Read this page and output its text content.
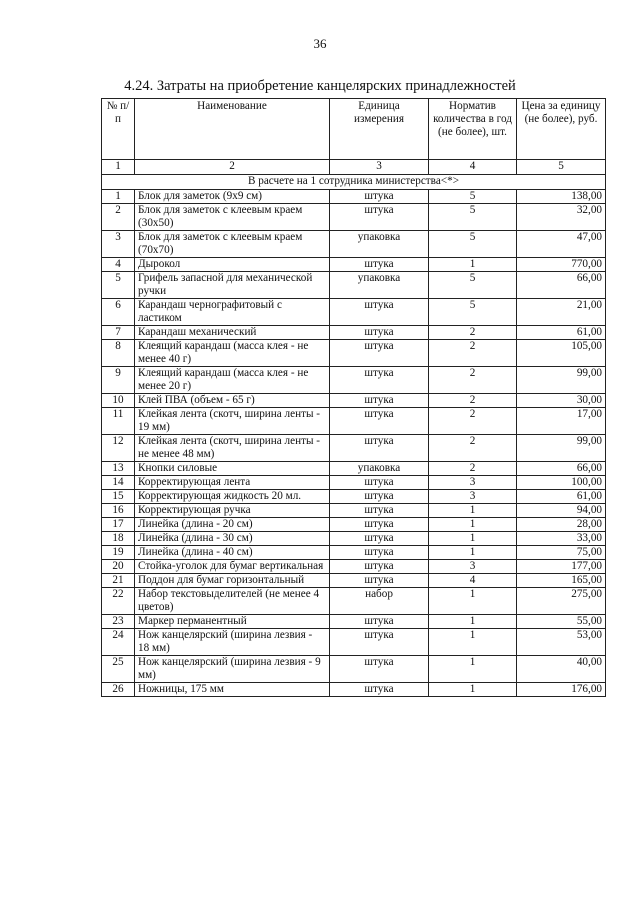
36
4.24. Затраты на приобретение канцелярских принадлежностей
№ п/п	Наименование	Единица измерения	Норматив количества в год (не более), шт.	Цена за единицу (не более), руб.
1	2	3	4	5
В расчете на 1 сотрудника министерства<*>				
1	Блок для заметок (9х9 см)	штука	5	138,00
2	Блок для заметок с клеевым краем (30х50)	штука	5	32,00
3	Блок для заметок с клеевым краем (70х70)	упаковка	5	47,00
4	Дырокол	штука	1	770,00
5	Грифель запасной для механической ручки	упаковка	5	66,00
6	Карандаш чернографитовый с ластиком	штука	5	21,00
7	Карандаш механический	штука	2	61,00
8	Клеящий карандаш (масса клея - не менее 40 г)	штука	2	105,00
9	Клеящий карандаш (масса клея - не менее 20 г)	штука	2	99,00
10	Клей ПВА (объем - 65 г)	штука	2	30,00
11	Клейкая лента (скотч, ширина ленты - 19 мм)	штука	2	17,00
12	Клейкая лента (скотч, ширина ленты - не менее 48 мм)	штука	2	99,00
13	Кнопки силовые	упаковка	2	66,00
14	Корректирующая лента	штука	3	100,00
15	Корректирующая жидкость 20 мл.	штука	3	61,00
16	Корректирующая ручка	штука	1	94,00
17	Линейка (длина - 20 см)	штука	1	28,00
18	Линейка (длина - 30 см)	штука	1	33,00
19	Линейка (длина - 40 см)	штука	1	75,00
20	Стойка-уголок для бумаг вертикальная	штука	3	177,00
21	Поддон для бумаг горизонтальный	штука	4	165,00
22	Набор текстовыделителей (не менее 4 цветов)	набор	1	275,00
23	Маркер перманентный	штука	1	55,00
24	Нож канцелярский (ширина лезвия - 18 мм)	штука	1	53,00
25	Нож канцелярский (ширина лезвия - 9 мм)	штука	1	40,00
26	Ножницы, 175 мм	штука	1	176,00
